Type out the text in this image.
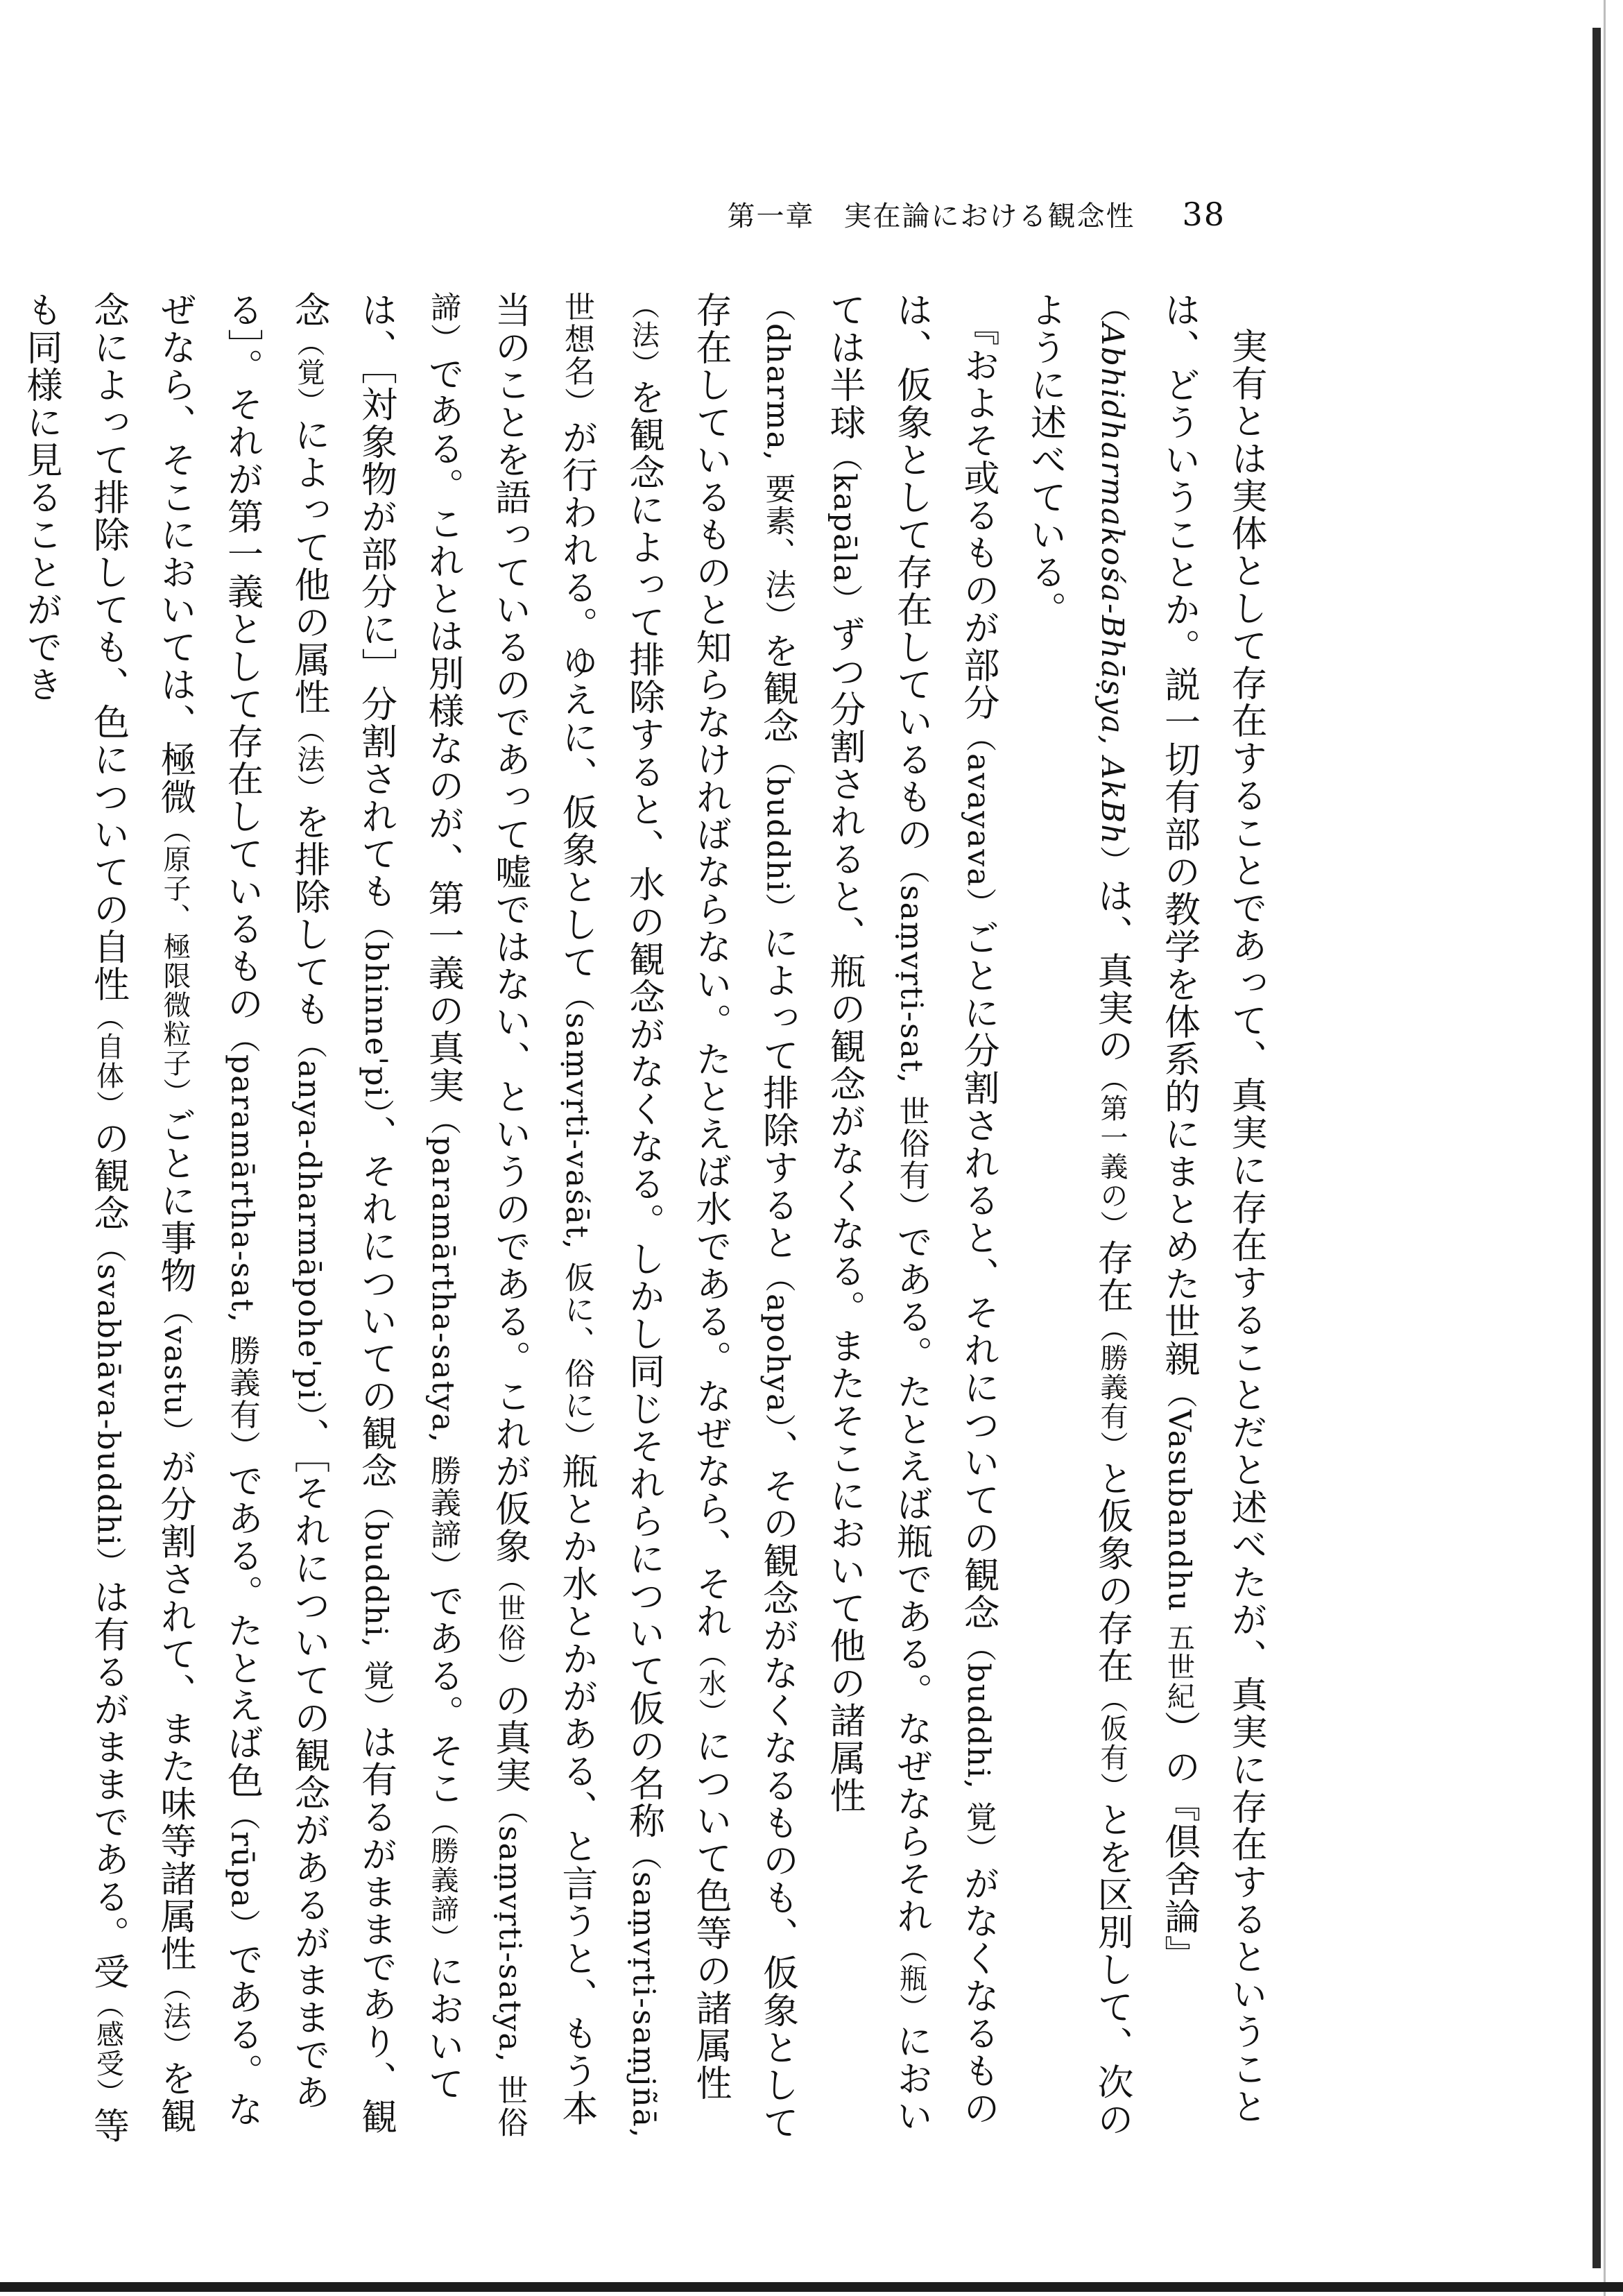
第一章　実在論における観念性 38

実有とは実体として存在することであって、真実に存在することだと述べたが、真実に存在するということは、どういうことか。説一切有部の教学を体系的にまとめた世親（Vasubandhu 五世紀）の『倶舍論』（Abhidharmakośa-Bhāṣya, AkBh）は、真実の（第一義の）存在（勝義有）と仮象の存在（仮有）とを区別して、次のように述べている。

『およそ或るものが部分（avayava）ごとに分割されると、それについての観念（buddhi, 覚）がなくなるものは、仮象として存在しているもの（saṃvṛti-sat, 世俗有）である。たとえば瓶である。なぜならそれ（瓶）においては半球（kapāla）ずつ分割されると、瓶の観念がなくなる。またそこにおいて他の諸属性（dharma, 要素、法）を観念（buddhi）によって排除すると（apohya）、その観念がなくなるものも、仮象として存在しているものと知らなければならない。たとえば水である。なぜなら、それ（水）について色等の諸属性（法）を観念によって排除すると、水の観念がなくなる。しかし同じそれらについて仮の名称（saṃvṛti-saṃjñā, 世想名）が行われる。ゆえに、仮象として（saṃvṛti-vaśāt, 仮に、俗に）瓶とか水とかがある、と言うと、もう本当のことを語っているのであって嘘ではない、というのである。これが仮象（世俗）の真実（saṃvṛti-satya, 世俗諦）である。これとは別様なのが、第一義の真実（paramārtha-satya, 勝義諦）である。そこ（勝義諦）においては、［対象物が部分に］分割されても（bhinne'pi）、それについての観念（buddhi, 覚）は有るがままであり、観念（覚）によって他の属性（法）を排除しても（anya-dharmāpohe'pi）、［それについての観念があるがままである］。それが第一義として存在しているもの（paramārtha-sat, 勝義有）である。たとえば色（rūpa）である。なぜなら、そこにおいては、極微（原子、極限微粒子）ごとに事物（vastu）が分割されて、また味等諸属性（法）を観念によって排除しても、色についての自性（自体）の観念（svabhāva-buddhi）は有るがままである。受（感受）等も同様に見ることができ
